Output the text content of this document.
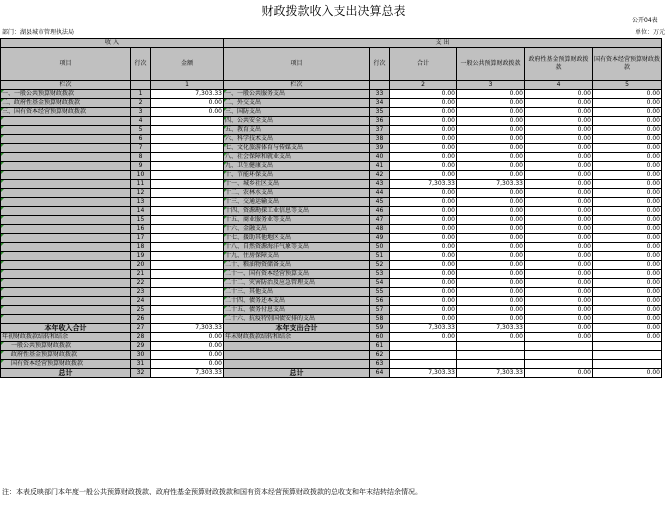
财政拨款收入支出决算总表
公开04表
部门：湖县城市管理执法局	单位：万元
收 入			支 出					
项目	行次	金额	项目	行次	合计	一般公共预算财政拨款	政府性基金预算财政拨款	国有资本经营预算财政拨款
栏次		1	栏次		2	3	4	5
一、一般公共预算财政拨款	1	7,303.33	一、一般公共服务支出	33	0.00	0.00	0.00	0.00
二、政府性基金预算财政拨款	2	0.00	二、外交支出	34	0.00	0.00	0.00	0.00
三、国有资本经营预算财政拨款	3	0.00	三、国防支出	35	0.00	0.00	0.00	0.00
	4		四、公共安全支出	36	0.00	0.00	0.00	0.00
	5		五、教育支出	37	0.00	0.00	0.00	0.00
	6		六、科学技术支出	38	0.00	0.00	0.00	0.00
	7		七、文化旅游体育与传媒支出	39	0.00	0.00	0.00	0.00
	8		八、社会保障和就业支出	40	0.00	0.00	0.00	0.00
	9		九、卫生健康支出	41	0.00	0.00	0.00	0.00
	10		十、节能环保支出	42	0.00	0.00	0.00	0.00
	11		十一、城乡社区支出	43	7,303.33	7,303.33	0.00	0.00
	12		十二、农林水支出	44	0.00	0.00	0.00	0.00
	13		十三、交通运输支出	45	0.00	0.00	0.00	0.00
	14		十四、资源勘探工业信息等支出	46	0.00	0.00	0.00	0.00
	15		十五、商业服务业等支出	47	0.00	0.00	0.00	0.00
	16		十六、金融支出	48	0.00	0.00	0.00	0.00
	17		十七、援助其他地区支出	49	0.00	0.00	0.00	0.00
	18		十八、自然资源海洋气象等支出	50	0.00	0.00	0.00	0.00
	19		十九、住房保障支出	51	0.00	0.00	0.00	0.00
	20		二十、粮油物资储备支出	52	0.00	0.00	0.00	0.00
	21		二十一、国有资本经营预算支出	53	0.00	0.00	0.00	0.00
	22		二十二、灾害防治及应急管理支出	54	0.00	0.00	0.00	0.00
	23		二十三、其他支出	55	0.00	0.00	0.00	0.00
	24		二十四、债务还本支出	56	0.00	0.00	0.00	0.00
	25		二十五、债务付息支出	57	0.00	0.00	0.00	0.00
	26		二十六、抗疫特别国债安排的支出	58	0.00	0.00	0.00	0.00
本年收入合计	27	7,303.33	本年支出合计	59	7,303.33	7,303.33	0.00	0.00
年初财政拨款结转和结余	28	0.00	年末财政拨款结转和结余	60	0.00	0.00	0.00	0.00
一般公共预算财政拨款	29	0.00		61				
政府性基金预算财政拨款	30	0.00		62				
国有资本经营预算财政拨款	31	0.00		63				
总计	32	7,303.33	总计	64	7,303.33	7,303.33	0.00	0.00
注：本表反映部门本年度一般公共预算财政拨款、政府性基金预算财政拨款和国有资本经营预算财政拨款的总收支和年末结转结余情况。
